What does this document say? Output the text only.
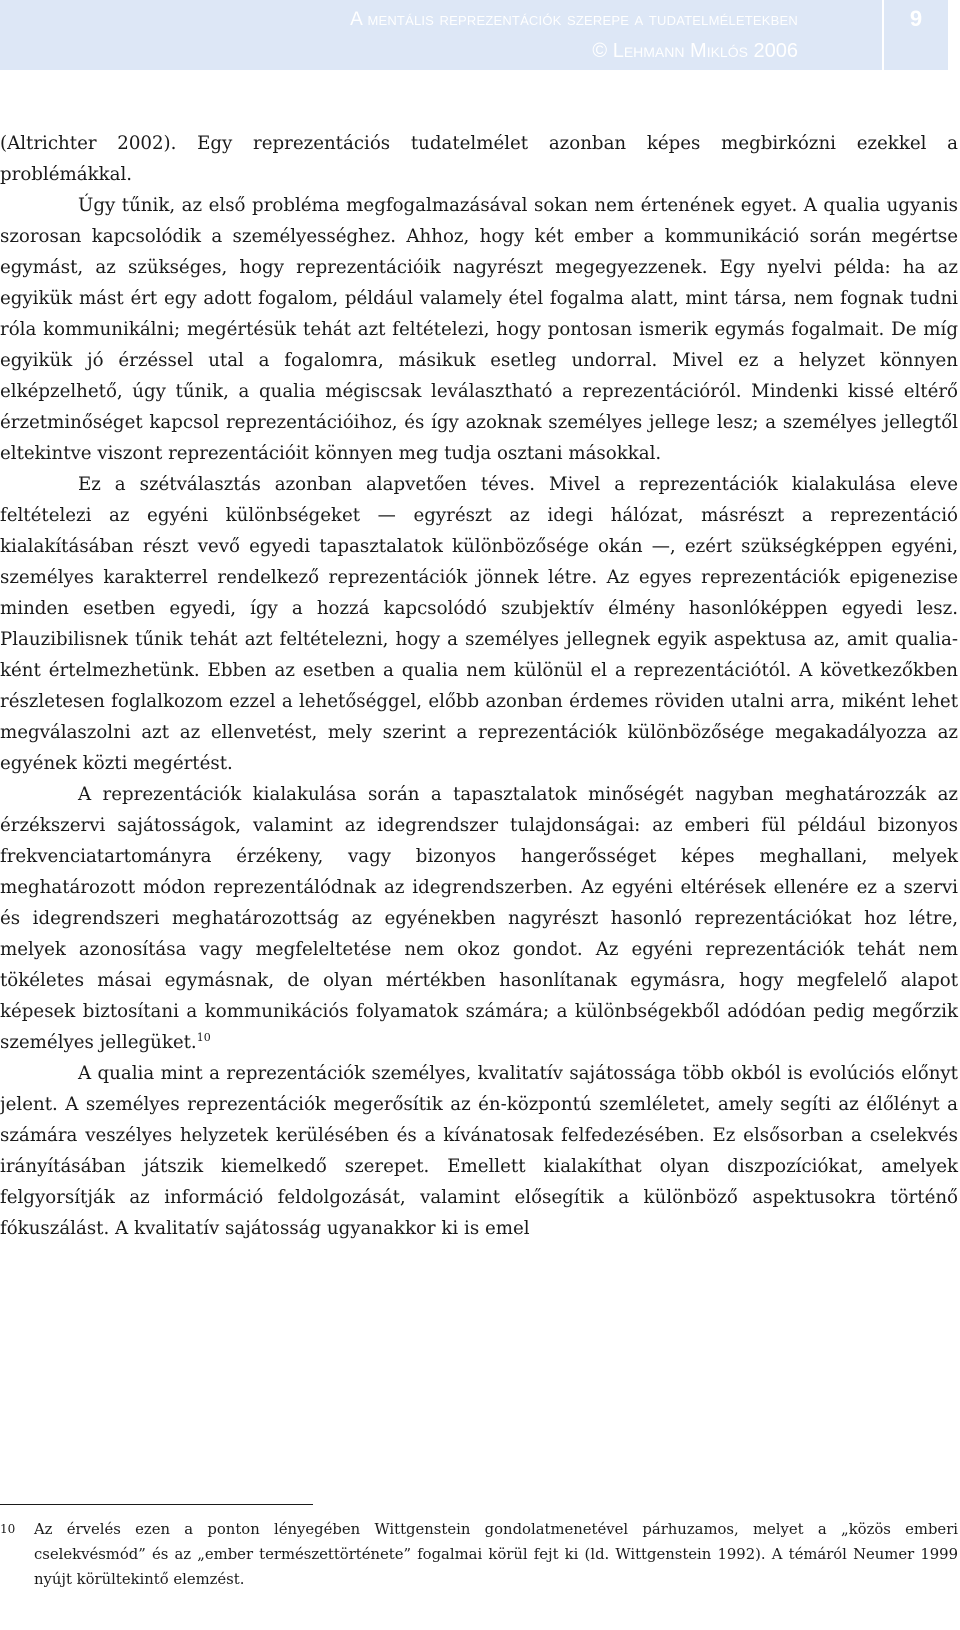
A mentális reprezentációk szerepe a tudatelméletekben
© Lehmann Miklós 2006
9

(Altrichter 2002). Egy reprezentációs tudatelmélet azonban képes megbirkózni ezekkel a problémákkal.

Úgy tűnik, az első probléma megfogalmazásával sokan nem értenének egyet. A qualia ugyanis szorosan kapcsolódik a személyességhez. Ahhoz, hogy két ember a kommunikáció során megértse egymást, az szükséges, hogy reprezentációik nagyrészt megegyezzenek. Egy nyelvi példa: ha az egyikük mást ért egy adott fogalom, például valamely étel fogalma alatt, mint társa, nem fognak tudni róla kommunikálni; megértésük tehát azt feltételezi, hogy pontosan ismerik egymás fogalmait. De míg egyikük jó érzéssel utal a fogalomra, másikuk esetleg undorral. Mivel ez a helyzet könnyen elképzelhető, úgy tűnik, a qualia mégiscsak leválasztható a reprezentációról. Mindenki kissé eltérő érzetminőséget kapcsol reprezentációihoz, és így azoknak személyes jellege lesz; a személyes jellegtől eltekintve viszont reprezentációit könnyen meg tudja osztani másokkal.

Ez a szétválasztás azonban alapvetően téves. Mivel a reprezentációk kialakulása eleve feltételezi az egyéni különbségeket — egyrészt az idegi hálózat, másrészt a reprezentáció kialakításában részt vevő egyedi tapasztalatok különbözősége okán —, ezért szükségképpen egyéni, személyes karakterrel rendelkező reprezentációk jönnek létre. Az egyes reprezentációk epigenezise minden esetben egyedi, így a hozzá kapcsolódó szubjektív élmény hasonlóképpen egyedi lesz. Plauzibilisnek tűnik tehát azt feltételezni, hogy a személyes jellegnek egyik aspektusa az, amit qualia-ként értelmezhetünk. Ebben az esetben a qualia nem különül el a reprezentációtól. A következőkben részletesen foglalkozom ezzel a lehetőséggel, előbb azonban érdemes röviden utalni arra, miként lehet megválaszolni azt az ellenvetést, mely szerint a reprezentációk különbözősége megakadályozza az egyének közti megértést.

A reprezentációk kialakulása során a tapasztalatok minőségét nagyban meghatározzák az érzékszervi sajátosságok, valamint az idegrendszer tulajdonságai: az emberi fül például bizonyos frekvenciatartományra érzékeny, vagy bizonyos hangerősséget képes meghallani, melyek meghatározott módon reprezentálódnak az idegrendszerben. Az egyéni eltérések ellenére ez a szervi és idegrendszeri meghatározottság az egyénekben nagyrészt hasonló reprezentációkat hoz létre, melyek azonosítása vagy megfeleltetése nem okoz gondot. Az egyéni reprezentációk tehát nem tökéletes másai egymásnak, de olyan mértékben hasonlítanak egymásra, hogy megfelelő alapot képesek biztosítani a kommunikációs folyamatok számára; a különbségekből adódóan pedig megőrzik személyes jellegüket.$^{10}$

A qualia mint a reprezentációk személyes, kvalitatív sajátossága több okból is evolúciós előnyt jelent. A személyes reprezentációk megerősítik az én-központú szemléletet, amely segíti az élőlényt a számára veszélyes helyzetek kerülésében és a kívánatosak felfedezésében. Ez elsősorban a cselekvés irányításában játszik kiemelkedő szerepet. Emellett kialakíthat olyan diszpozíciókat, amelyek felgyorsítják az információ feldolgozását, valamint elősegítik a különböző aspektusokra történő fókuszálást. A kvalitatív sajátosság ugyanakkor ki is emel

10 Az érvelés ezen a ponton lényegében Wittgenstein gondolatmenetével párhuzamos, melyet a „közös emberi cselekvésmód” és az „ember természettörténete” fogalmai körül fejt ki (ld. Wittgenstein 1992). A témáról Neumer 1999 nyújt körültekintő elemzést.
